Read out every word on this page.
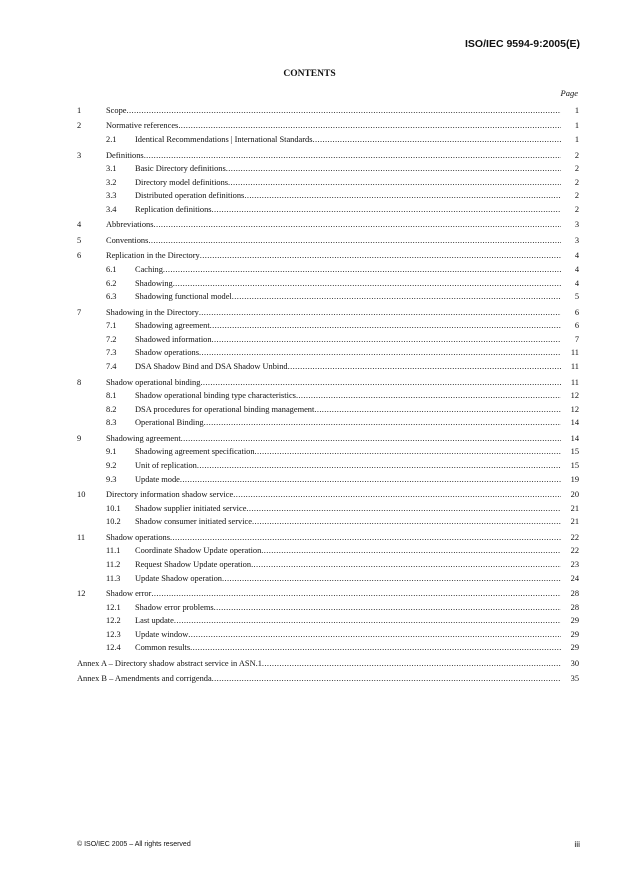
ISO/IEC 9594-9:2005(E)
CONTENTS
Page
1	Scope .....	1
2	Normative references .....	1
2.1 Identical Recommendations | International Standards .....	1
3	Definitions .....	2
3.1 Basic Directory definitions .....	2
3.2 Directory model definitions .....	2
3.3 Distributed operation definitions .....	2
3.4 Replication definitions .....	2
4	Abbreviations .....	3
5	Conventions .....	3
6	Replication in the Directory .....	4
6.1 Caching .....	4
6.2 Shadowing .....	4
6.3 Shadowing functional model .....	5
7	Shadowing in the Directory .....	6
7.1 Shadowing agreement .....	6
7.2 Shadowed information .....	7
7.3 Shadow operations .....	11
7.4 DSA Shadow Bind and DSA Shadow Unbind .....	11
8	Shadow operational binding .....	11
8.1 Shadow operational binding type characteristics .....	12
8.2 DSA procedures for operational binding management .....	12
8.3 Operational Binding .....	14
9	Shadowing agreement .....	14
9.1 Shadowing agreement specification .....	15
9.2 Unit of replication .....	15
9.3 Update mode .....	19
10 Directory information shadow service .....	20
10.1 Shadow supplier initiated service .....	21
10.2 Shadow consumer initiated service .....	21
11 Shadow operations .....	22
11.1 Coordinate Shadow Update operation .....	22
11.2 Request Shadow Update operation .....	23
11.3 Update Shadow operation .....	24
12 Shadow error .....	28
12.1 Shadow error problems .....	28
12.2 Last update .....	29
12.3 Update window .....	29
12.4 Common results .....	29
Annex A – Directory shadow abstract service in ASN.1 .....	30
Annex B – Amendments and corrigenda .....	35
© ISO/IEC 2005 – All rights reserved	iii
